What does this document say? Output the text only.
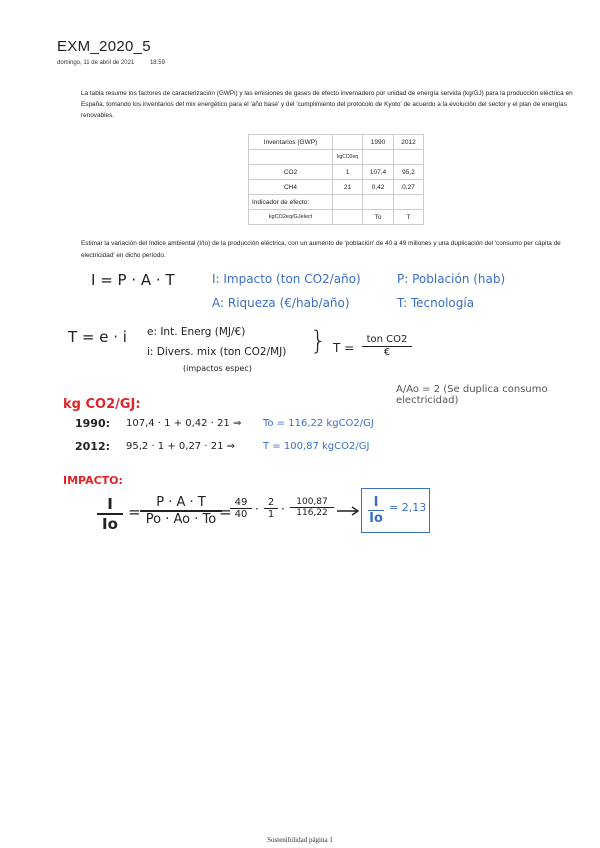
EXM_2020_5
domingo, 11 de abril de 2021	18:59
La tabla resume los factores de caracterización (GWPi) y las emisiones de gases de efecto invernadero por unidad de energía servida (kg/GJ) para la producción eléctrica en España, tomando los inventarios del mix energético para el 'año base' y del 'cumplimiento del protocolo de Kyoto' de acuerdo a la evolución del sector y el plan de energías renovables.
Inventarios (GWP)		1990	2012
	kgCO2eq		
CO2	1	107,4	95,2
CH4	21	0,42	0,27
Indicador de efecto:			
kgCO2eq/GJelect		To	T
Estimar la variación del índice ambiental (I/Io) de la producción eléctrica, con un aumento de 'población' de 40 a 49 millones y una duplicación del 'consumo per cápita de electricidad' en dicho período.
I = P · A · T	I: Impacto (ton CO2/año)	P: Población (hab)
A: Riqueza (€/hab/año)	T: Tecnología
T = e · i e: Int. Energ (MJ/€)
i: Divers. mix (ton CO2/MJ)
(impactos espec)
} T =
ton CO2
€
A/Ao = 2 (Se duplica consumo electricidad)
kg CO2/GJ:
1990: 107,4 · 1 + 0,42 · 21 ⇒ To = 116,22 kgCO2/GJ
2012: 95,2 · 1 + 0,27 · 21 ⇒	T = 100,87 kgCO2/GJ
IMPACTO:
$\frac{I}{Io} = \frac{P \cdot A \cdot T}{Po \cdot Ao \cdot To}$
=
$\frac{49}{40} \cdot \frac{2}{1} \cdot \frac{100,87}{116,22}$	$\frac{I}{Io} = 2,13$
Sostenibilidad página 1
